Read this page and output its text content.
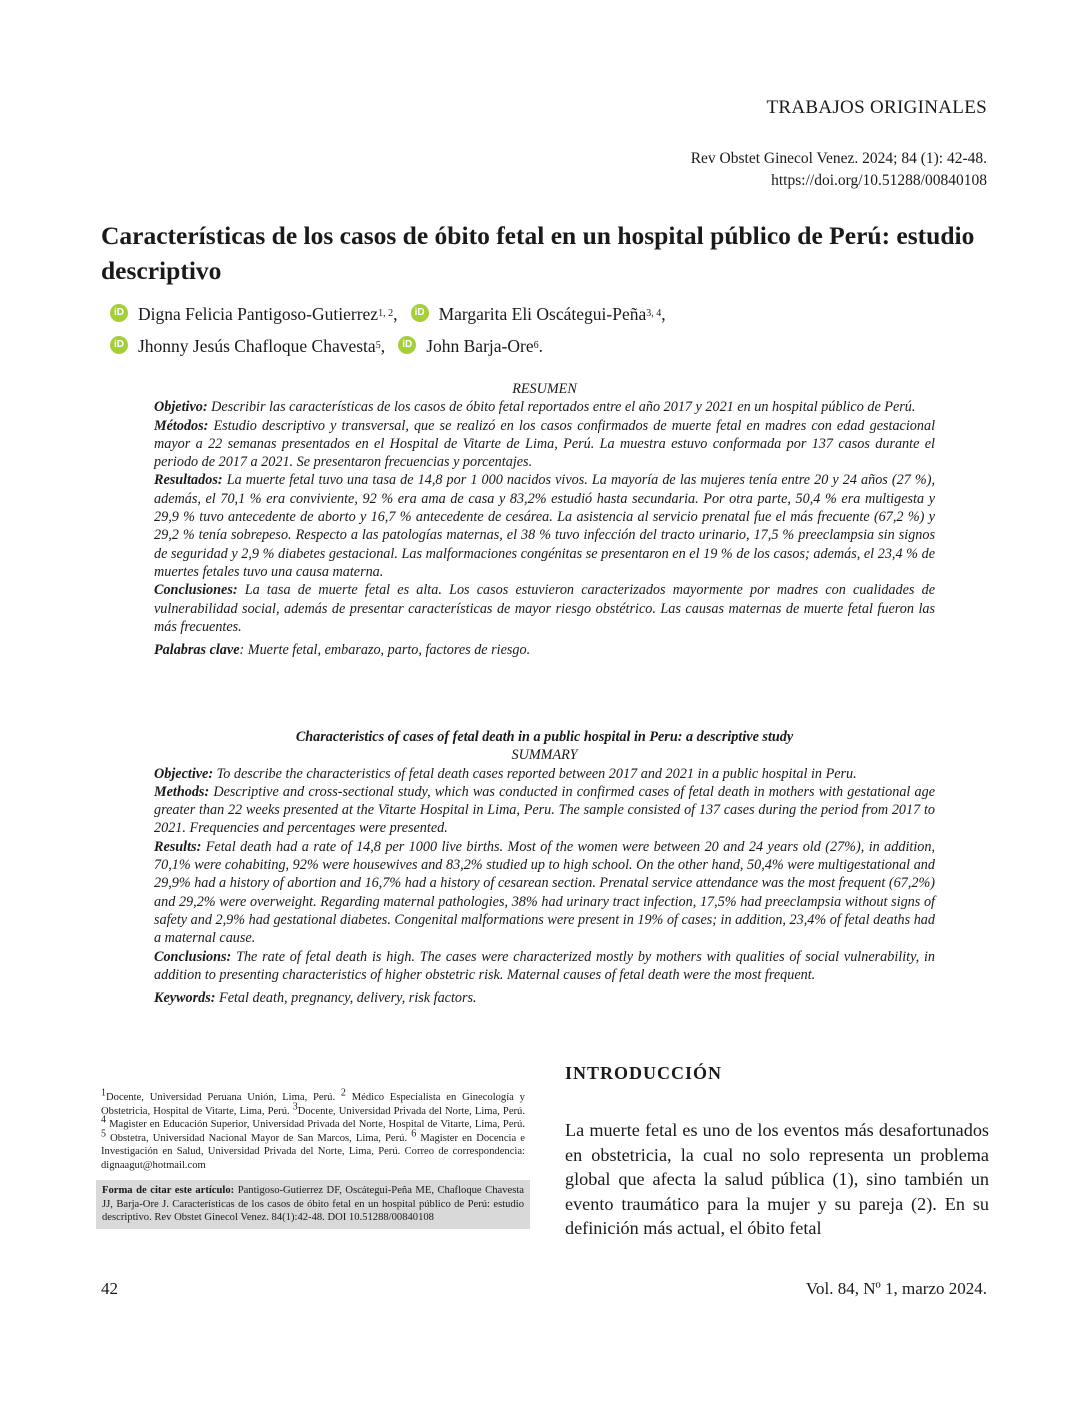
TRABAJOS ORIGINALES
Rev Obstet Ginecol Venez. 2024; 84 (1): 42-48.
https://doi.org/10.51288/00840108
Características de los casos de óbito fetal en un hospital público de Perú: estudio descriptivo
iD Digna Felicia Pantigoso-Gutierrez 1, 2 ,
	iD Margarita Eli Oscátegui-Peña 3, 4 ,
iD Jhonny Jesús Chafloque Chavesta 5 ,
	iD John Barja-Ore 6 .

RESUMEN

Objetivo: Describir las características de los casos de óbito fetal reportados entre el año 2017 y 2021 en un hospital público de Perú.

Métodos: Estudio descriptivo y transversal, que se realizó en los casos confirmados de muerte fetal en madres con edad gestacional mayor a 22 semanas presentados en el Hospital de Vitarte de Lima, Perú. La muestra estuvo conformada por 137 casos durante el periodo de 2017 a 2021. Se presentaron frecuencias y porcentajes.

Resultados: La muerte fetal tuvo una tasa de 14,8 por 1 000 nacidos vivos. La mayoría de las mujeres tenía entre 20 y 24 años (27 %), además, el 70,1 % era conviviente, 92 % era ama de casa y 83,2% estudió hasta secundaria. Por otra parte, 50,4 % era multigesta y 29,9 % tuvo antecedente de aborto y 16,7 % antecedente de cesárea. La asistencia al servicio prenatal fue el más frecuente (67,2 %) y 29,2 % tenía sobrepeso. Respecto a las patologías maternas, el 38 % tuvo infección del tracto urinario, 17,5 % preeclampsia sin signos de seguridad y 2,9 % diabetes gestacional. Las malformaciones congénitas se presentaron en el 19 % de los casos; además, el 23,4 % de muertes fetales tuvo una causa materna.

Conclusiones: La tasa de muerte fetal es alta. Los casos estuvieron caracterizados mayormente por madres con cualidades de vulnerabilidad social, además de presentar características de mayor riesgo obstétrico. Las causas maternas de muerte fetal fueron las más frecuentes.

Palabras clave: Muerte fetal, embarazo, parto, factores de riesgo.

Characteristics of cases of fetal death in a public hospital in Peru: a descriptive study

SUMMARY

Objective: To describe the characteristics of fetal death cases reported between 2017 and 2021 in a public hospital in Peru.

Methods: Descriptive and cross-sectional study, which was conducted in confirmed cases of fetal death in mothers with gestational age greater than 22 weeks presented at the Vitarte Hospital in Lima, Peru. The sample consisted of 137 cases during the period from 2017 to 2021. Frequencies and percentages were presented.

Results: Fetal death had a rate of 14,8 per 1000 live births. Most of the women were between 20 and 24 years old (27%), in addition, 70,1% were cohabiting, 92% were housewives and 83,2% studied up to high school. On the other hand, 50,4% were multigestational and 29,9% had a history of abortion and 16,7% had a history of cesarean section. Prenatal service attendance was the most frequent (67,2%) and 29,2% were overweight. Regarding maternal pathologies, 38% had urinary tract infection, 17,5% had preeclampsia without signs of safety and 2,9% had gestational diabetes. Congenital malformations were present in 19% of cases; in addition, 23,4% of fetal deaths had a maternal cause.

Conclusions: The rate of fetal death is high. The cases were characterized mostly by mothers with qualities of social vulnerability, in addition to presenting characteristics of higher obstetric risk. Maternal causes of fetal death were the most frequent.

Keywords: Fetal death, pregnancy, delivery, risk factors.

$^1$Docente, Universidad Peruana Unión, Lima, Perú. $^2$ Médico Especialista en Ginecología y Obstetricia, Hospital de Vitarte, Lima, Perú. $^3$Docente, Universidad Privada del Norte, Lima, Perú. $^4$ Magister en Educación Superior, Universidad Privada del Norte, Hospital de Vitarte, Lima, Perú. $^5$ Obstetra, Universidad Nacional Mayor de San Marcos, Lima, Perú. $^6$ Magister en Docencia e Investigación en Salud, Universidad Privada del Norte, Lima, Perú. Correo de correspondencia: dignaagut@hotmail.com
Forma de citar este artículo: Pantigoso-Gutierrez DF, Oscátegui-Peña ME, Chafloque Chavesta JJ, Barja-Ore J. Características de los casos de óbito fetal en un hospital público de Perú: estudio descriptivo. Rev Obstet Ginecol Venez. 84(1):42-48. DOI 10.51288/00840108
INTRODUCCIÓN
La muerte fetal es uno de los eventos más desafortunados en obstetricia, la cual no solo representa un problema global que afecta la salud pública (1), sino también un evento traumático para la mujer y su pareja (2). En su definición más actual, el óbito fetal
42	Vol. 84, Nº 1, marzo 2024.
